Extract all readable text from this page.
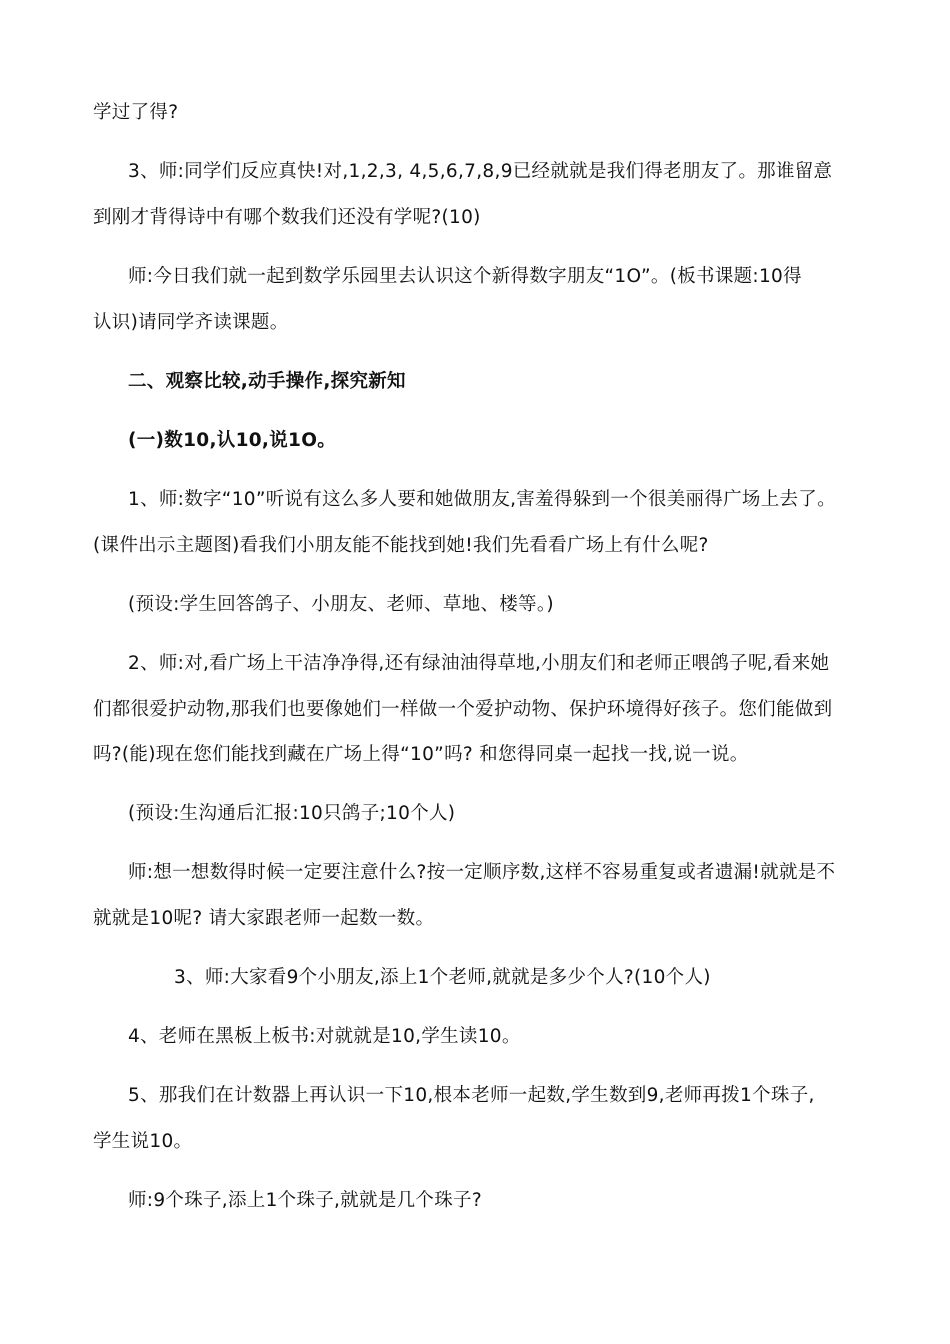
学过了得?
3、师:同学们反应真快!对,1,2,3, 4,5,6,7,8,9已经就就是我们得老朋友了。那谁留意
到刚才背得诗中有哪个数我们还没有学呢?(10)
师:今日我们就一起到数学乐园里去认识这个新得数字朋友“1O”。(板书课题:10得
认识)请同学齐读课题。
二、观察比较,动手操作,探究新知
(一)数10,认10,说1O。
1、师:数字“10”听说有这么多人要和她做朋友,害羞得躲到一个很美丽得广场上去了。
(课件出示主题图)看我们小朋友能不能找到她!我们先看看广场上有什么呢?
(预设:学生回答鸽子、小朋友、老师、草地、楼等。)
2、师:对,看广场上干洁净净得,还有绿油油得草地,小朋友们和老师正喂鸽子呢,看来她
们都很爱护动物,那我们也要像她们一样做一个爱护动物、保护环境得好孩子。您们能做到
吗?(能)现在您们能找到藏在广场上得“10”吗? 和您得同桌一起找一找,说一说。
(预设:生沟通后汇报:10只鸽子;10个人)
师:想一想数得时候一定要注意什么?按一定顺序数,这样不容易重复或者遗漏!就就是不
就就是10呢? 请大家跟老师一起数一数。
3、师:大家看9个小朋友,添上1个老师,就就是多少个人?(10个人)
4、老师在黑板上板书:对就就是10,学生读10。
5、那我们在计数器上再认识一下10,根本老师一起数,学生数到9,老师再拨1个珠子,
学生说10。
师:9个珠子,添上1个珠子,就就是几个珠子?
